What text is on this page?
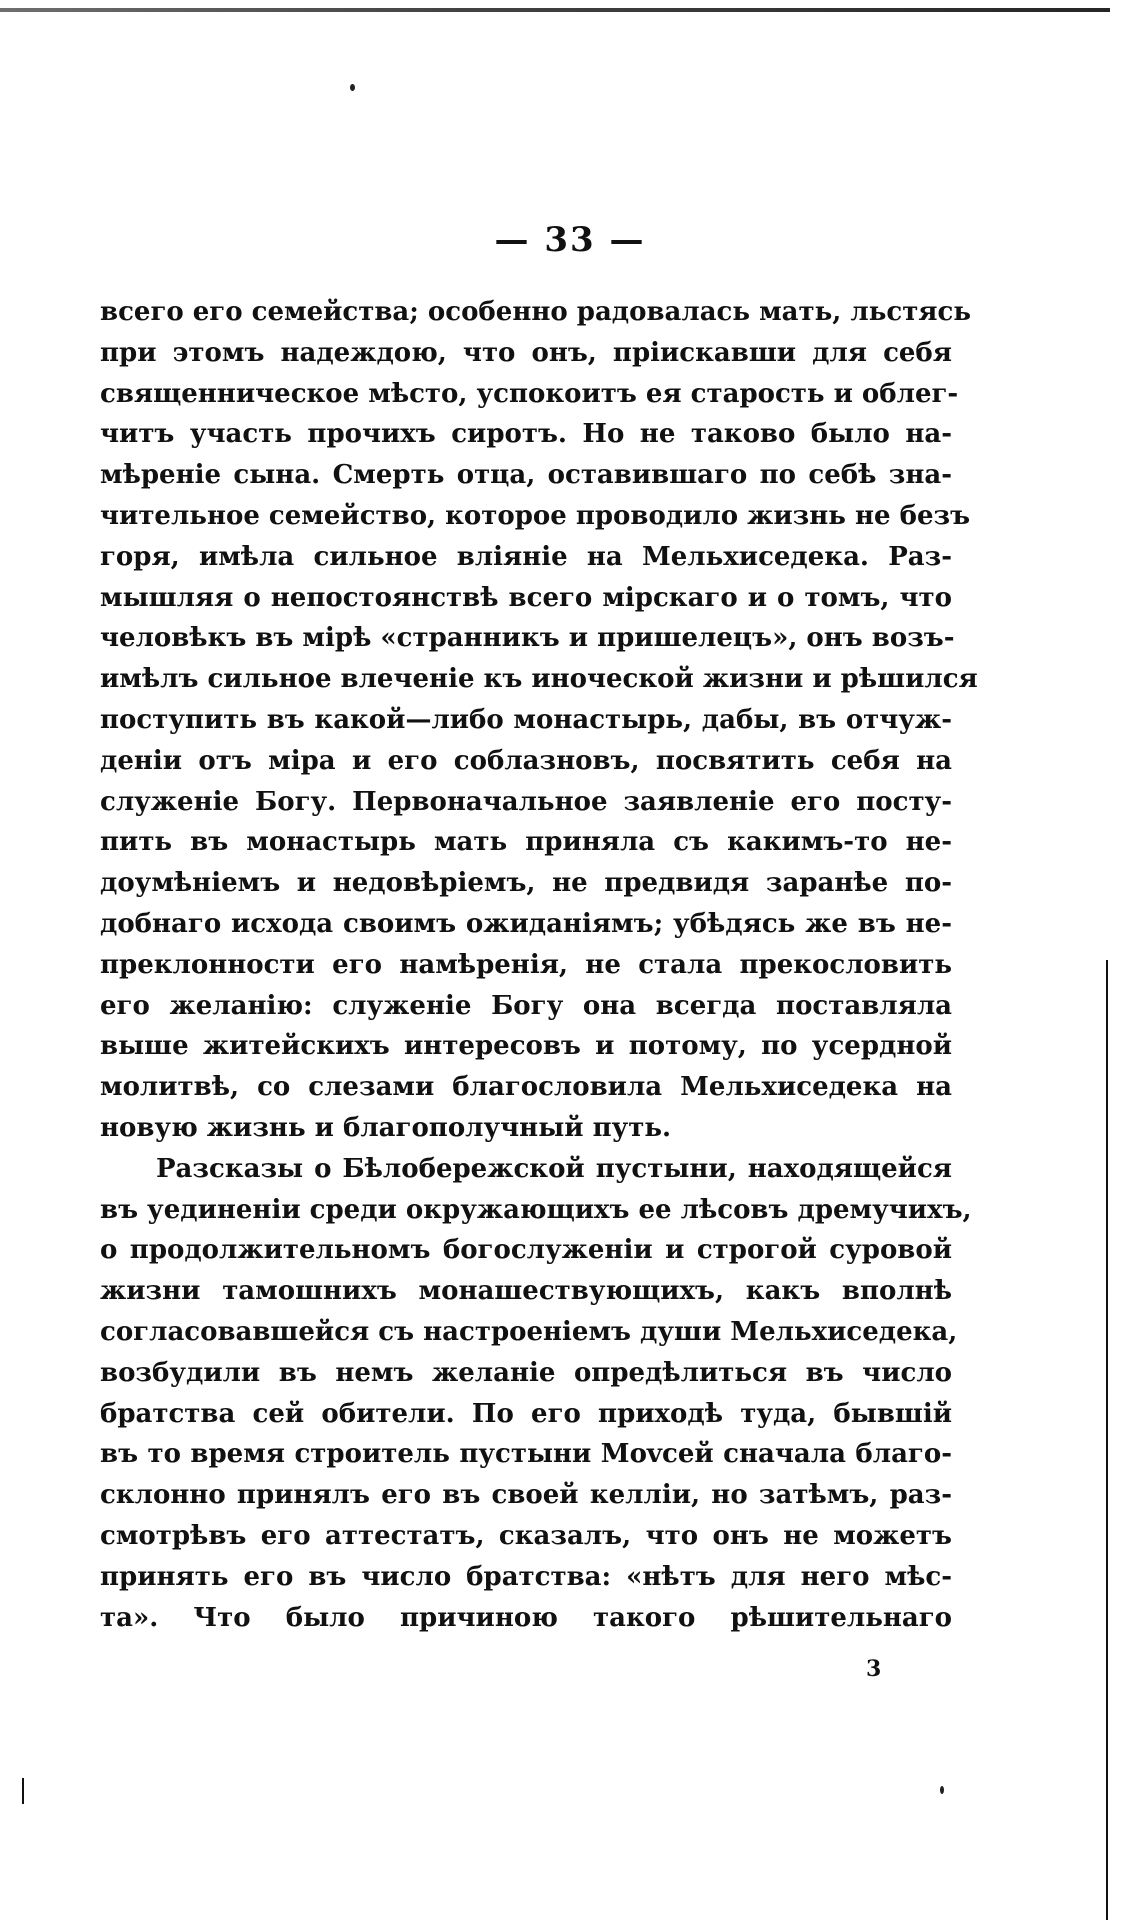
— 33 —
всего его семейства; особенно радовалась мать, льстясь
при этомъ надеждою, что онъ, прiискавши для себя
священническое мѣсто, успокоитъ ея старость и облег-
читъ участь прочихъ сиротъ. Но не таково было на-
мѣренiе сына. Смерть отца, оставившаго по себѣ зна-
чительное семейство, которое проводило жизнь не безъ
горя, имѣла сильное влiянiе на Мельхиседека. Раз-
мышляя о непостоянствѣ всего мiрскаго и о томъ, что
человѣкъ въ мiрѣ «странникъ и пришелецъ», онъ возъ-
имѣлъ сильное влеченiе къ иноческой жизни и рѣшился
поступить въ какой—либо монастырь, дабы, въ отчуж-
денiи отъ мiра и его соблазновъ, посвятить себя на
служенiе Богу. Первоначальное заявленiе его посту-
пить въ монастырь мать приняла съ какимъ-то не-
доумѣнiемъ и недовѣрiемъ, не предвидя заранѣе по-
добнаго исхода своимъ ожиданiямъ; убѣдясь же въ не-
преклонности его намѣренiя, не стала прекословить
его желанiю: служенiе Богу она всегда поставляла
выше житейскихъ интересовъ и потому, по усердной
молитвѣ, со слезами благословила Мельхиседека на
новую жизнь и благополучный путь.
Разсказы о Бѣлобережской пустыни, находящейся
въ уединенiи среди окружающихъ ее лѣсовъ дремучихъ,
о продолжительномъ богослуженiи и строгой суровой
жизни тамошнихъ монашествующихъ, какъ вполнѣ
согласовавшейся съ настроенiемъ души Мельхиседека,
возбудили въ немъ желанiе опредѣлиться въ число
братства сей обители. По его приходѣ туда, бывшiй
въ то время строитель пустыни Моvсей сначала благо-
склонно принялъ его въ своей келлiи, но затѣмъ, раз-
смотрѣвъ его аттестатъ, сказалъ, что онъ не можетъ
принять его въ число братства: «нѣтъ для него мѣс-
та». Что было причиною такого рѣшительнаго
3
